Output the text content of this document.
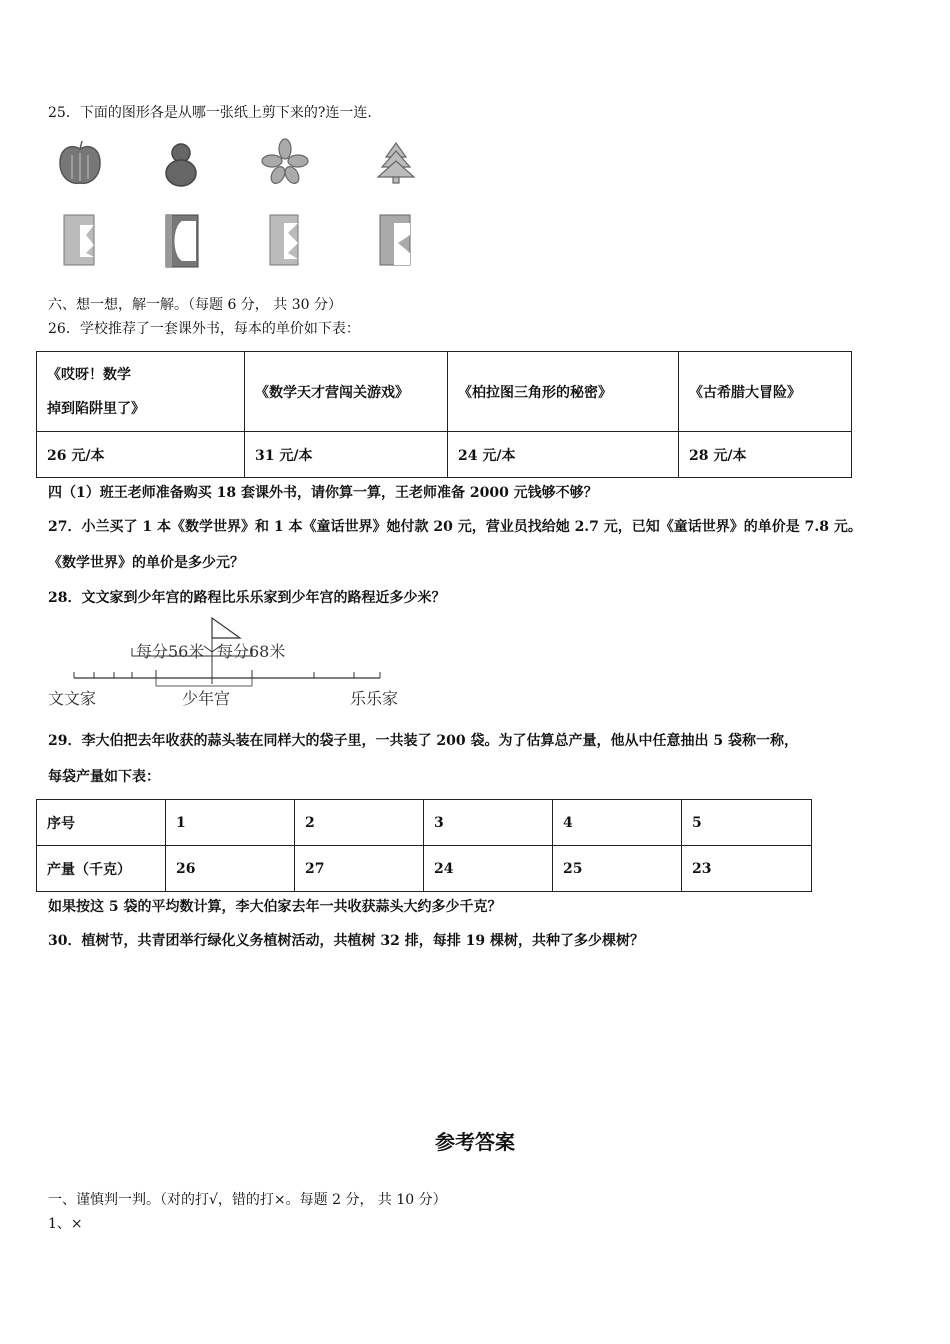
25．下面的图形各是从哪一张纸上剪下来的?连一连.
六、想一想，解一解。（每题 6 分， 共 30 分）
26．学校推荐了一套课外书，每本的单价如下表：
《哎呀！数学
掉到陷阱里了》	《数学天才营闯关游戏》	《柏拉图三角形的秘密》	《古希腊大冒险》
26 元/本	31 元/本	24 元/本	28 元/本
四（1）班王老师准备购买 18 套课外书，请你算一算，王老师准备 2000 元钱够不够？
27．小兰买了 1 本《数学世界》和 1 本《童话世界》她付款 20 元，营业员找给她 2.7 元，已知《童话世界》的单价是 7.8 元。
《数学世界》的单价是多少元？
28．文文家到少年宫的路程比乐乐家到少年宫的路程近多少米？
每分56米 每分68米
文文家	少年宫	乐乐家
29．李大伯把去年收获的蒜头装在同样大的袋子里，一共装了 200 袋。为了估算总产量，他从中任意抽出 5 袋称一称，
每袋产量如下表：
序号	1	2	3	4	5
产量（千克）	26	27	24	25	23
如果按这 5 袋的平均数计算，李大伯家去年一共收获蒜头大约多少千克？
30．植树节，共青团举行绿化义务植树活动，共植树 32 排，每排 19 棵树，共种了多少棵树？
参考答案
一、谨慎判一判。（对的打√，错的打×。每题 2 分， 共 10 分）
1、×
